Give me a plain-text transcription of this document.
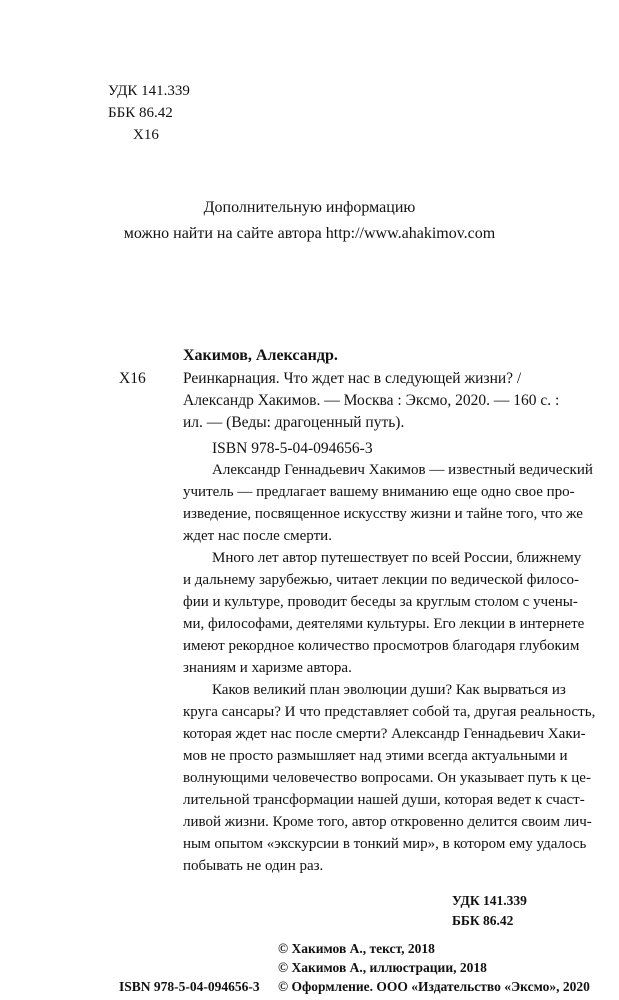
УДК 141.339
ББК 86.42
Х16
Дополнительную информацию
можно найти на сайте автора http://www.ahakimov.com
Хакимов, Александр.
Х16 Реинкарнация. Что ждет нас в следующей жизни? /
Александр Хакимов. — Москва : Эксмо, 2020. — 160 с. :
ил. — (Веды: драгоценный путь).
ISBN 978-5-04-094656-3
Александр Геннадьевич Хакимов — известный ведический
учитель — предлагает вашему вниманию еще одно свое про-
изведение, посвященное искусству жизни и тайне того, что же
ждет нас после смерти.
Много лет автор путешествует по всей России, ближнему
и дальнему зарубежью, читает лекции по ведической филосо-
фии и культуре, проводит беседы за круглым столом с учены-
ми, философами, деятелями культуры. Его лекции в интернете
имеют рекордное количество просмотров благодаря глубоким
знаниям и харизме автора.
Каков великий план эволюции души? Как вырваться из
круга сансары? И что представляет собой та, другая реальность,
которая ждет нас после смерти? Александр Геннадьевич Хаки-
мов не просто размышляет над этими всегда актуальными и
волнующими человечество вопросами. Он указывает путь к це-
лительной трансформации нашей души, которая ведет к счаст-
ливой жизни. Кроме того, автор откровенно делится своим лич-
ным опытом «экскурсии в тонкий мир», в котором ему удалось
побывать не один раз.
УДК 141.339
ББК 86.42
© Хакимов А., текст, 2018
© Хакимов А., иллюстрации, 2018
ISBN 978-5-04-094656-3 © Оформление. ООО «Издательство «Эксмо», 2020
